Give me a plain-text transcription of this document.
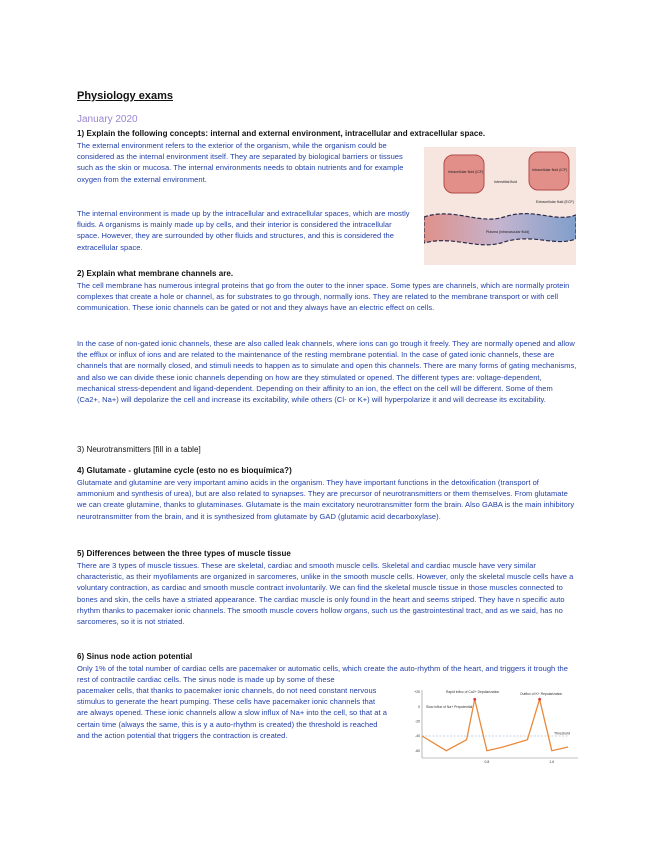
Physiology exams
January 2020
1) Explain the following concepts: internal and external environment, intracellular and extracellular space.
The external environment refers to the exterior of the organism, while the organism could be considered as the internal environment itself. They are separated by biological barriers or tissues such as the skin or mucosa. The internal environments needs to obtain nutrients and for example oxygen from the external environment.
The internal environment is made up by the intracellular and extracellular spaces, which are mostly fluids. A organisms is mainly made up by cells, and their interior is considered the intracellular space. However, they are surrounded by other fluids and structures, and this is considered the extracellular space.
Intracellular fluid (ICF)
Interstitial fluid
Intracellular fluid (ICF)
Extracellular fluid (ECF)
Plasma (intravascular fluid)
2) Explain what membrane channels are.
The cell membrane has numerous integral proteins that go from the outer to the inner space. Some types are channels, which are normally protein complexes that create a hole or channel, as for substrates to go through, normally ions. They are related to the membrane transport or with cell communication. These ionic channels can be gated or not and they always have an electric effect on cells.
In the case of non-gated ionic channels, these are also called leak channels, where ions can go trough it freely. They are normally opened and allow the efflux or influx of ions and are related to the maintenance of the resting membrane potential. In the case of gated ionic channels, these are channels that are normally closed, and stimuli needs to happen as to simulate and open this channels. There are many forms of gating mechanisms, and also we can divide these ionic channels depending on how are they stimulated or opened. The different types are: voltage-dependent, mechanical stress-dependent and ligand-dependent. Depending on their affinity to an ion, the effect on the cell will be different. Some of them (Ca2+, Na+) will depolarize the cell and increase its excitability, while others (Cl- or K+) will hyperpolarize it and will decrease its excitability.
3) Neurotransmitters [fill in a table]
4) Glutamate - glutamine cycle (esto no es bioquímica?)
Glutamate and glutamine are very important amino acids in the organism. They have important functions in the detoxification (transport of ammonium and synthesis of urea), but are also related to synapses. They are precursor of neurotransmitters or them themselves. From glutamate we can create glutamine, thanks to glutaminases. Glutamate is the main excitatory neurotransmitter form the brain. Also GABA is the main inhibitory neurotransmitter from the brain, and it is synthesized from glutamate by GAD (glutamic acid decarboxylase).
5) Differences between the three types of muscle tissue
There are 3 types of muscle tissues. These are skeletal, cardiac and smooth muscle cells. Skeletal and cardiac muscle have very similar characteristic, as their myofilaments are organized in sarcomeres, unlike in the smooth muscle cells. However, only the skeletal muscle cells have a voluntary contraction, as cardiac and smooth muscle contract involuntarily. We can find the skeletal muscle tissue in those muscles connected to bones and skin, the cells have a striated appearance. The cardiac muscle is only found in the heart and seems striped. They have n specific auto rhythm thanks to pacemaker ionic channels. The smooth muscle covers hollow organs, such us the gastrointestinal tract, and as we said, has no sarcomeres, so it is not striated.
6) Sinus node action potential
Only 1% of the total number of cardiac cells are pacemaker or automatic cells, which create the auto-rhythm of the heart, and triggers it trough the rest of contractile cardiac cells. The sinus node is made up by some of these
pacemaker cells, that thanks to pacemaker ionic channels, do not need constant nervous stimulus to generate the heart pumping. These cells have pacemaker ionic channels that are always opened. These ionic channels allow a slow influx of Na+ into the cell, so that at a certain time (always the same, this is y a auto-rhythm is created) the threshold is reached and the action potential that triggers the contraction is created.
+20
0
-20
-40
-60
0.8	1.6
Threshold
Rapid influx of Ca2+ Depolarization	Outflux of K+ Repolarization
Slow influx of Na+ Prepotential
